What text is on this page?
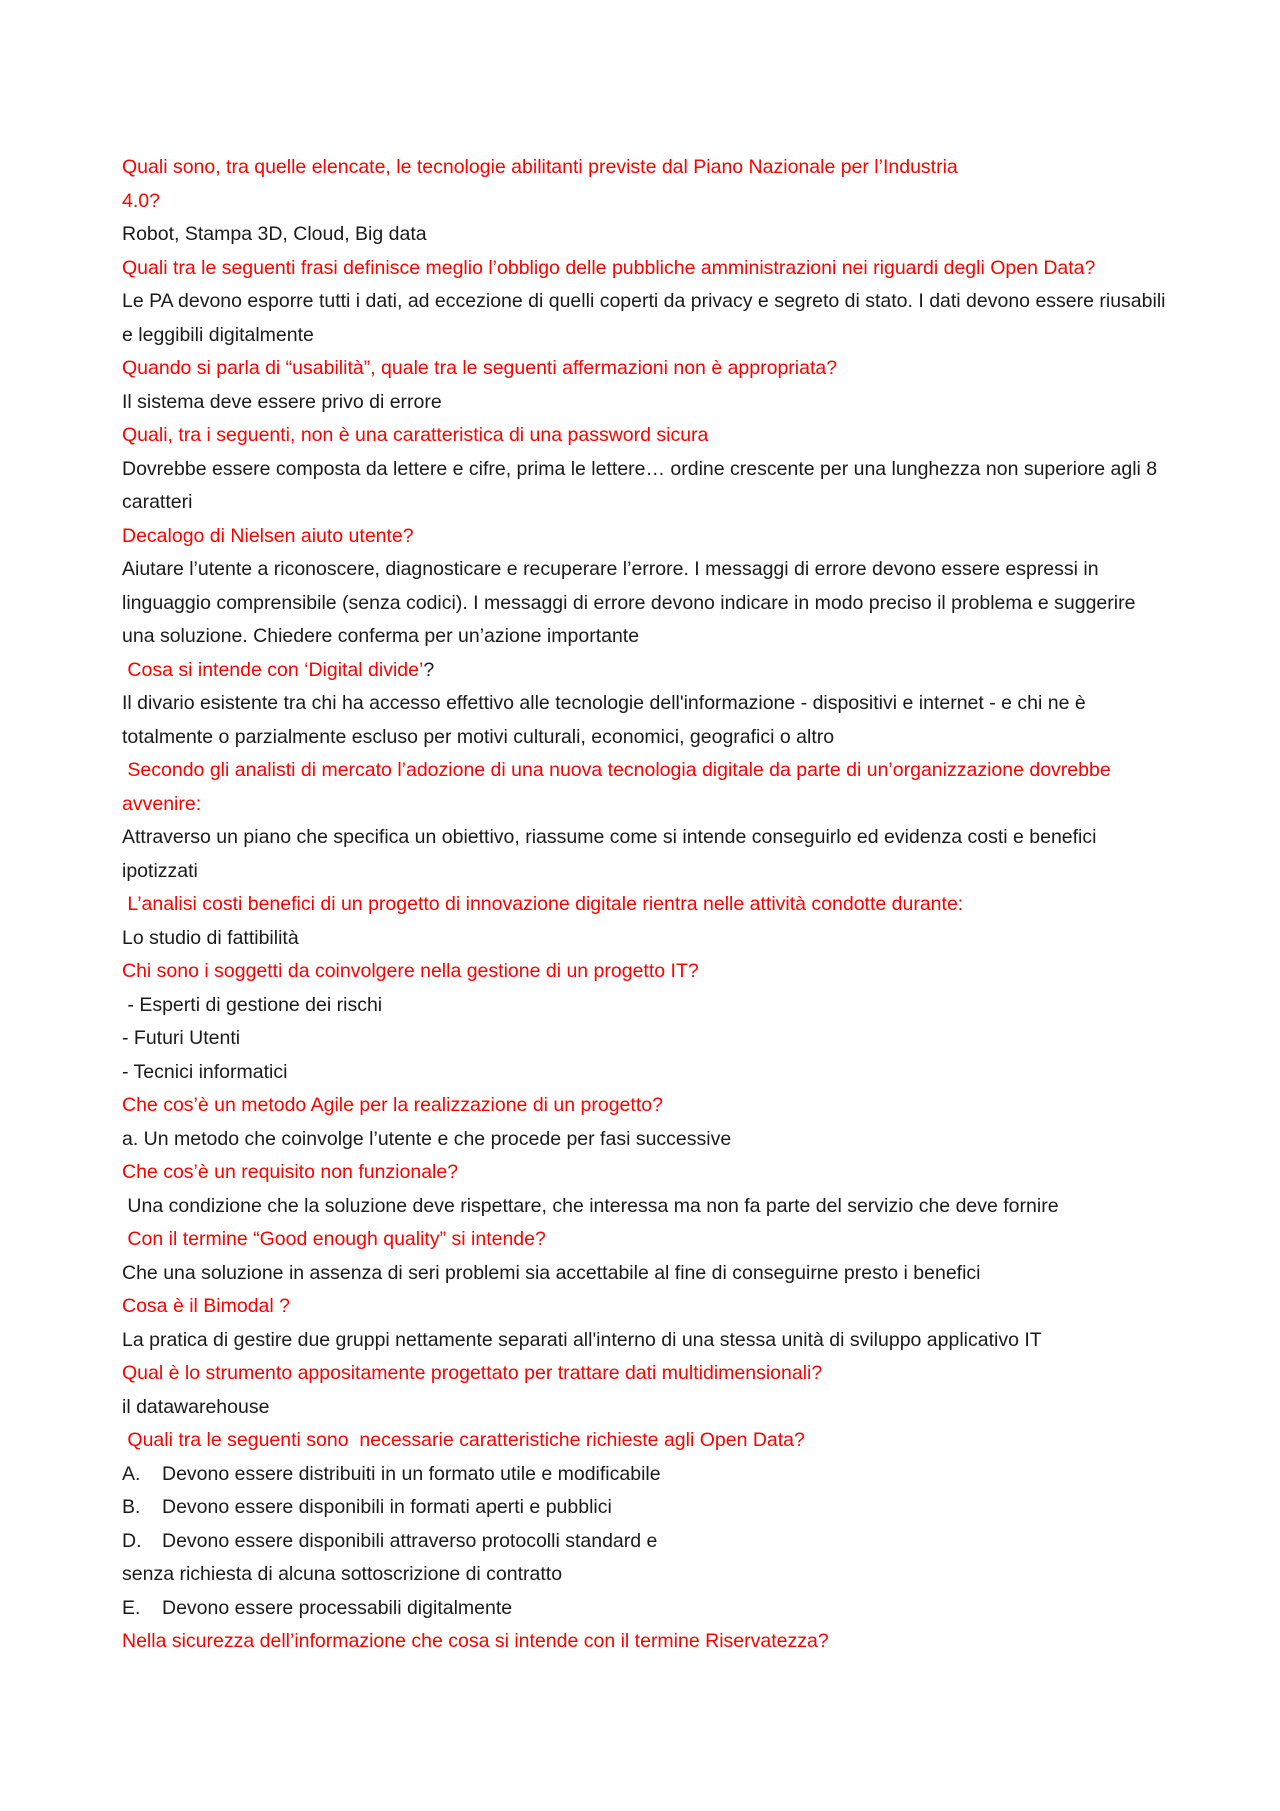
Quali sono, tra quelle elencate, le tecnologie abilitanti previste dal Piano Nazionale per l’Industria
4.0?

Robot, Stampa 3D, Cloud, Big data

Quali tra le seguenti frasi definisce meglio l’obbligo delle pubbliche amministrazioni nei riguardi degli Open Data?

Le PA devono esporre tutti i dati, ad eccezione di quelli coperti da privacy e segreto di stato. I dati devono essere riusabili e leggibili digitalmente

Quando si parla di “usabilità”, quale tra le seguenti affermazioni non è appropriata?

Il sistema deve essere privo di errore

Quali, tra i seguenti, non è una caratteristica di una password sicura

Dovrebbe essere composta da lettere e cifre, prima le lettere… ordine crescente per una lunghezza non superiore agli 8 caratteri

Decalogo di Nielsen aiuto utente?

Aiutare l’utente a riconoscere, diagnosticare e recuperare l’errore. I messaggi di errore devono essere espressi in linguaggio comprensibile (senza codici). I messaggi di errore devono indicare in modo preciso il problema e suggerire una soluzione. Chiedere conferma per un’azione importante

Cosa si intende con ‘Digital divide’?

Il divario esistente tra chi ha accesso effettivo alle tecnologie dell'informazione - dispositivi e internet - e chi ne è totalmente o parzialmente escluso per motivi culturali, economici, geografici o altro

Secondo gli analisti di mercato l’adozione di una nuova tecnologia digitale da parte di un’organizzazione dovrebbe avvenire:

Attraverso un piano che specifica un obiettivo, riassume come si intende conseguirlo ed evidenza costi e benefici ipotizzati

L’analisi costi benefici di un progetto di innovazione digitale rientra nelle attività condotte durante:

Lo studio di fattibilità

Chi sono i soggetti da coinvolgere nella gestione di un progetto IT?

- Esperti di gestione dei rischi

- Futuri Utenti

- Tecnici informatici

Che cos’è un metodo Agile per la realizzazione di un progetto?

a. Un metodo che coinvolge l’utente e che procede per fasi successive

Che cos’è un requisito non funzionale?

Una condizione che la soluzione deve rispettare, che interessa ma non fa parte del servizio che deve fornire

Con il termine “Good enough quality” si intende?

Che una soluzione in assenza di seri problemi sia accettabile al fine di conseguirne presto i benefici

Cosa è il Bimodal ?

La pratica di gestire due gruppi nettamente separati all'interno di una stessa unità di sviluppo applicativo IT

Qual è lo strumento appositamente progettato per trattare dati multidimensionali?

il datawarehouse

Quali tra le seguenti sono  necessarie caratteristiche richieste agli Open Data?

A. Devono essere distribuiti in un formato utile e modificabile

B. Devono essere disponibili in formati aperti e pubblici

D. Devono essere disponibili attraverso protocolli standard e

senza richiesta di alcuna sottoscrizione di contratto

E. Devono essere processabili digitalmente

Nella sicurezza dell’informazione che cosa si intende con il termine Riservatezza?
